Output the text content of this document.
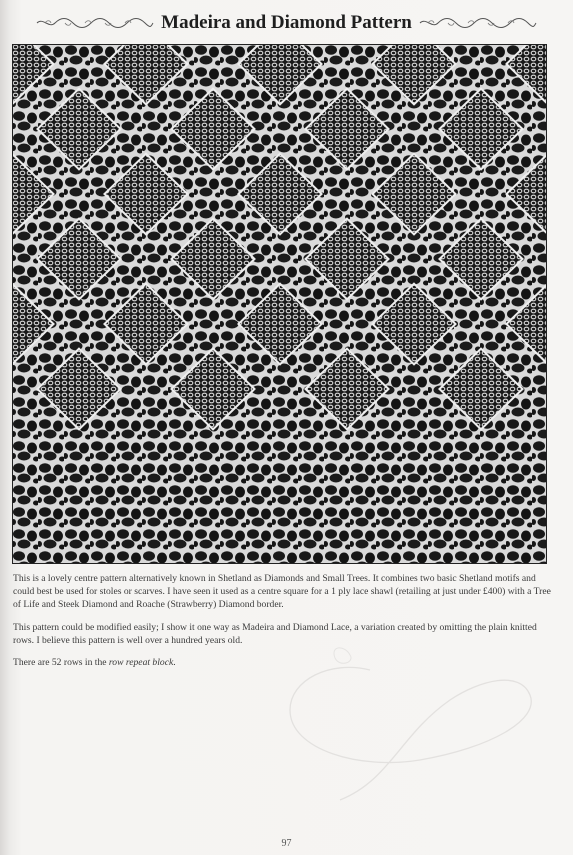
Madeira and Diamond Pattern

This is a lovely centre pattern alternatively known in Shetland as Diamonds and Small Trees. It combines two basic Shetland motifs and could best be used for stoles or scarves. I have seen it used as a centre square for a 1 ply lace shawl (retailing at just under £400) with a Tree of Life and Steek Diamond and Roache (Strawberry) Diamond border.

This pattern could be modified easily; I show it one way as Madeira and Diamond Lace, a variation created by omitting the plain knitted rows. I believe this pattern is well over a hundred years old.

There are 52 rows in the row repeat block.

97
